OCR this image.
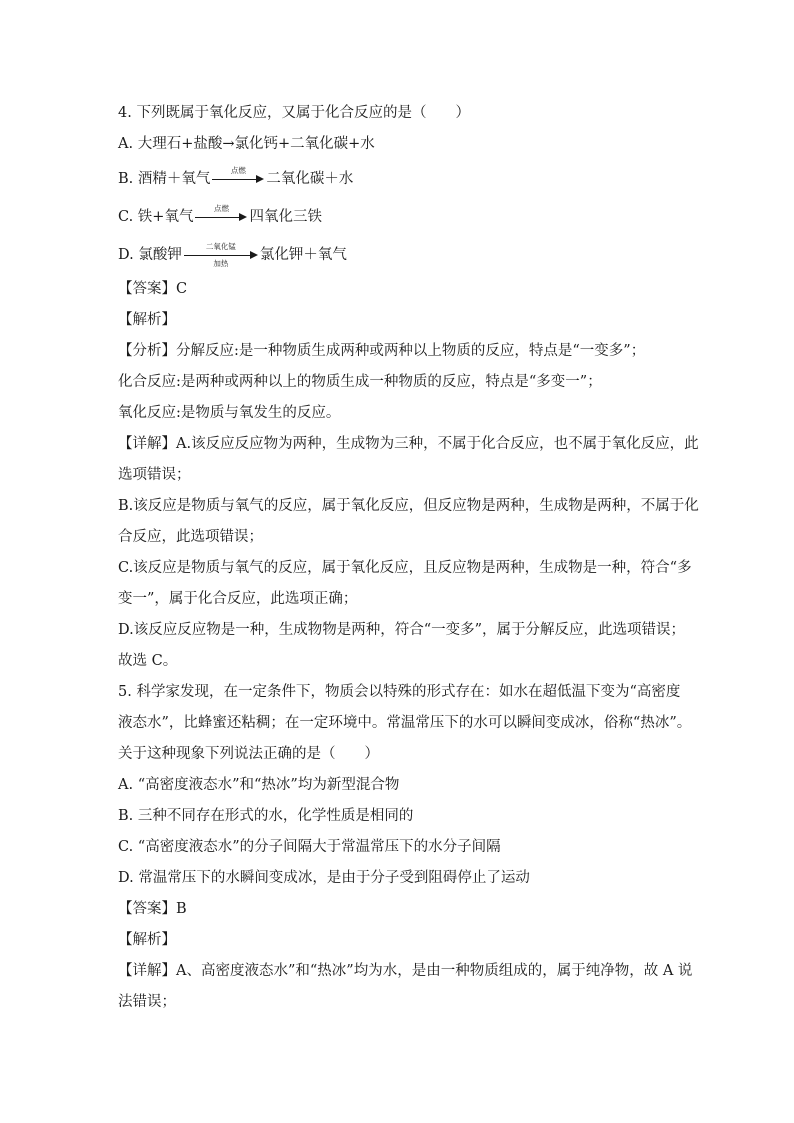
4. 下列既属于氧化反应，又属于化合反应的是（　　）
A. 大理石+盐酸→氯化钙+二氧化碳+水
B. 酒精＋氧气
点燃
二氧化碳＋水
C. 铁+氧气
点燃
四氧化三铁
D. 氯酸钾
二氧化锰
加热
氯化钾＋氧气
【答案】C
【解析】
【分析】分解反应:是一种物质生成两种或两种以上物质的反应，特点是“一变多”；
化合反应:是两种或两种以上的物质生成一种物质的反应，特点是“多变一”；
氧化反应:是物质与氧发生的反应。
【详解】A.该反应反应物为两种，生成物为三种，不属于化合反应，也不属于氧化反应，此
选项错误；
B.该反应是物质与氧气的反应，属于氧化反应，但反应物是两种，生成物是两种，不属于化
合反应，此选项错误；
C.该反应是物质与氧气的反应，属于氧化反应，且反应物是两种，生成物是一种，符合“多
变一”，属于化合反应，此选项正确；
D.该反应反应物是一种，生成物物是两种，符合“一变多”，属于分解反应，此选项错误；
故选 C。
5. 科学家发现，在一定条件下，物质会以特殊的形式存在：如水在超低温下变为“高密度
液态水”，比蜂蜜还粘稠；在一定环境中。常温常压下的水可以瞬间变成冰，俗称“热冰”。
关于这种现象下列说法正确的是（　　）
A. “高密度液态水”和“热冰”均为新型混合物
B. 三种不同存在形式的水，化学性质是相同的
C. “高密度液态水”的分子间隔大于常温常压下的水分子间隔
D. 常温常压下的水瞬间变成冰，是由于分子受到阻碍停止了运动
【答案】B
【解析】
【详解】A、高密度液态水”和“热冰”均为水，是由一种物质组成的，属于纯净物，故 A 说
法错误；
